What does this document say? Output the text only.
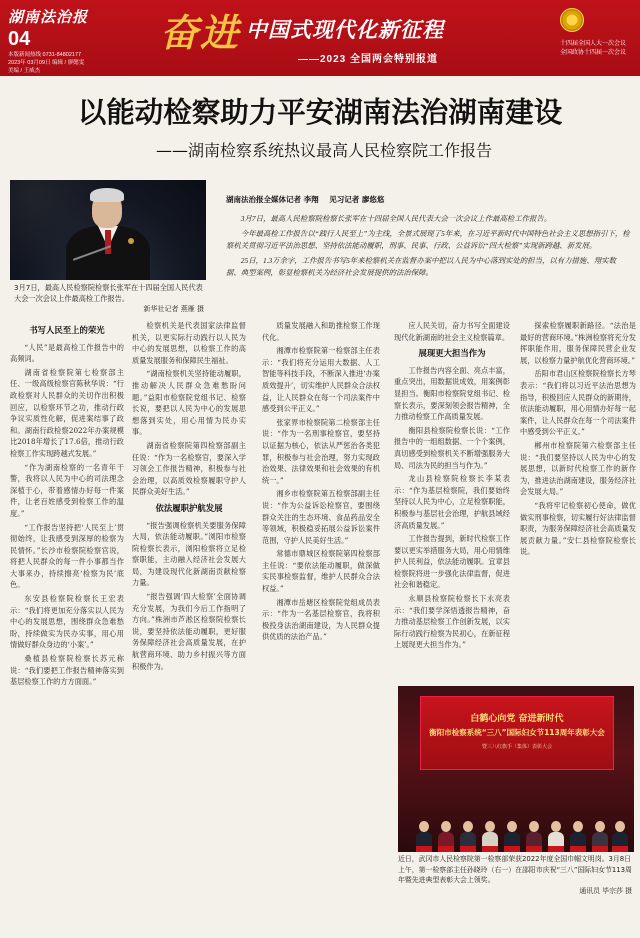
湖南法治报
04
本版新闻热线 0731-84802177
2023年 03月09日 编辑 / 廖懿雯
美编 / 王威杰
奋进 中国式现代化新征程
——2023 全国两会特别报道
十四届全国人大一次会议
全国政协十四届一次会议
以能动检察助力平安湖南法治湖南建设
——湖南检察系统热议最高人民检察院工作报告
3月7日，最高人民检察院检察长张军在十四届全国人民代表大会一次会议上作最高检工作报告。
新华社记者 燕雁 摄
湖南法治报全媒体记者 李翔 见习记者 廖悠悠

3月7日，最高人民检察院检察长张军在十四届全国人民代表大会一次会议上作最高检工作报告。

今年最高检工作报告以“践行人民至上”为主线，全景式展现了5年来，在习近平新时代中国特色社会主义思想指引下，检察机关贯彻习近平法治思想、坚持依法能动履职，刑事、民事、行政、公益诉讼“四大检察”实现新跨越、新发展。

25日，1.3万余字，工作报告书写5年来检察机关在监督办案中把以人民为中心落到实处的担当，以有力措施、翔实数据、典型案例，彰显检察机关为经济社会发展提供的法治保障。

书写人民至上的荣光

“人民”是最高检工作报告中的高频词。

湖南省检察院第七检察部主任、一级高级检察官陈秋华说：“行政检察对人民群众的关切作出积极回应，以检察环节之功，推动行政争议实质性化解，促进案结事了政和。湖南行政检察2022年办案规模比2018年增长了17.6倍，推动行政检察工作实现跨越式发展。”

“作为湖南检察的一名青年干警，我将以人民为中心的司法理念深植于心，带着感情办好每一件案件，让老百姓感受到检察工作的温度。”

“工作报告坚持把‘人民至上’贯彻始终，让我感受到深厚的检察为民情怀。”长沙市检察院检察官说，将把人民群众的每一件小事都当作大事来办，持续擦亮‘检察为民’底色。

东安县检察院检察长王宏表示：“我们将更加充分落实以人民为中心的发展思想，围绕群众急难愁盼，持续做实为民办实事，用心用情做好群众身边的‘小案’。”

桑植县检察院检察长苏元称说：“我们要把工作报告精神落实到基层检察工作的方方面面。”

检察机关是代表国家法律监督机关，以更实际行动践行以人民为中心的发展思想，以检察工作的高质量发展服务和保障民生福祉。

“湖南检察机关坚持能动履职，推动解决人民群众急难愁盼问题。”益阳市检察院党组书记、检察长说，要把以人民为中心的发展思想落到实处，用心用情为民办实事。

湖南省检察院第四检察部副主任说：“作为一名检察官，要深入学习领会工作报告精神，积极参与社会治理，以高质效检察履职守护人民群众美好生活。”

依法履职护航发展

“报告强调检察机关要服务保障大局，依法能动履职。”浏阳市检察院检察长表示，浏阳检察将立足检察职能，主动融入经济社会发展大局，为建设现代化新湖南贡献检察力量。

“报告强调‘四大检察’全面协调充分发展，为我们今后工作指明了方向。”株洲市芦淞区检察院检察长说，要坚持依法能动履职，更好服务保障经济社会高质量发展，在护航营商环境、助力乡村振兴等方面积极作为。

质量发展融入和助推检察工作现代化。

湘潭市检察院第一检察部主任表示：“我们将充分运用大数据、人工智能等科技手段，不断深入推进‘办案质效提升’，切实维护人民群众合法权益，让人民群众在每一个司法案件中感受到公平正义。”

张家界市检察院第二检察部主任说：“作为一名刑事检察官，要坚持以证据为核心，依法从严惩治各类犯罪，积极参与社会治理，努力实现政治效果、法律效果和社会效果的有机统一。”

湘乡市检察院第五检察部副主任说：“作为公益诉讼检察官，要围绕群众关注的生态环境、食品药品安全等领域，积极稳妥拓展公益诉讼案件范围，守护人民美好生活。”

常德市鼎城区检察院第四检察部主任说：“要依法能动履职，做深做实民事检察监督，维护人民群众合法权益。”

湘潭市岳塘区检察院党组成员表示：“作为一名基层检察官，我将积极投身法治湖南建设，为人民群众提供优质的法治产品。”

应人民关切，奋力书写全面建设现代化新湖南的社会主义检察篇章。

展现更大担当作为

工作报告内容全面、亮点丰富，重点突出，用数据说成效，用案例彰显担当。衡阳市检察院党组书记、检察长表示，要深刻领会报告精神，全力推动检察工作高质量发展。

衡阳县检察院检察长说：“工作报告中的一组组数据、一个个案例，真切感受到检察机关不断增强服务大局、司法为民的担当与作为。”

龙山县检察院检察长李某表示：“作为基层检察院，我们要始终坚持以人民为中心，立足检察职能，积极参与基层社会治理，护航县域经济高质量发展。”

工作报告提到，新时代检察工作要以更实举措服务大局，用心用情维护人民利益，依法能动履职。宜章县检察院将进一步强化法律监督，促进社会和谐稳定。

永顺县检察院检察长下永亮表示：“我们要学深悟透报告精神，奋力推动基层检察工作创新发展，以实际行动践行检察为民初心，在新征程上展现更大担当作为。”

探索检察履职新路径。“法治是最好的营商环境。”株洲检察将充分发挥职能作用，服务保障民营企业发展，以检察力量护航优化营商环境。”

岳阳市君山区检察院检察长方琴表示：“我们将以习近平法治思想为指导，积极回应人民群众的新期待，依法能动履职，用心用情办好每一起案件，让人民群众在每一个司法案件中感受到公平正义。”

郴州市检察院第六检察部主任说：“我们要坚持以人民为中心的发展思想，以新时代检察工作的新作为，推进法治湖南建设，服务经济社会发展大局。”

“我将牢记检察初心使命，做优做实刑事检察，切实履行好法律监督职责，为服务保障经济社会高质量发展贡献力量。”安仁县检察院检察长说。

白鹤心向党 奋进新时代
衡阳市检察系统“三八”国际妇女节113周年表彰大会
暨三八红旗手（集体）表彰大会
近日，武冈市人民检察院第一检察部荣获2022年度全国巾帼文明岗。3月8日上午，第一检察部主任孙晓玲（右一）在邵阳市庆祝“三八”国际妇女节113周年暨先进典型表彰大会上领奖。
通讯员 毕宗莎 摄
